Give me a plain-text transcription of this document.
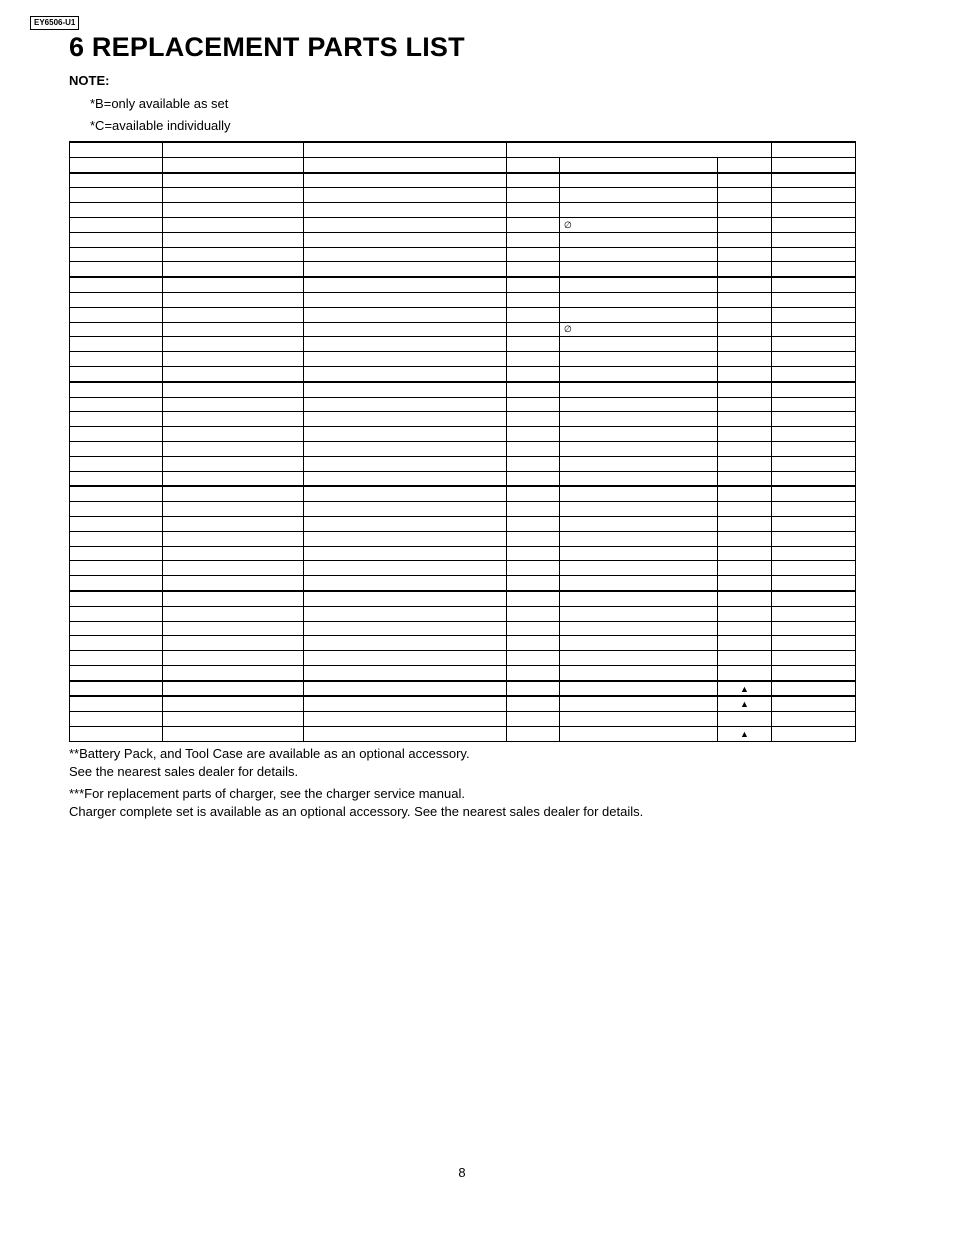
EY6506-U1
6 REPLACEMENT PARTS LIST
NOTE:
*B=only available as set
*C=available individually

				∅		

				∅		

					▲	
					▲	

					▲	
**Battery Pack, and Tool Case are available as an optional accessory.
See the nearest sales dealer for details.
***For replacement parts of charger, see the charger service manual.
Charger complete set is available as an optional accessory. See the nearest sales dealer for details.
8
